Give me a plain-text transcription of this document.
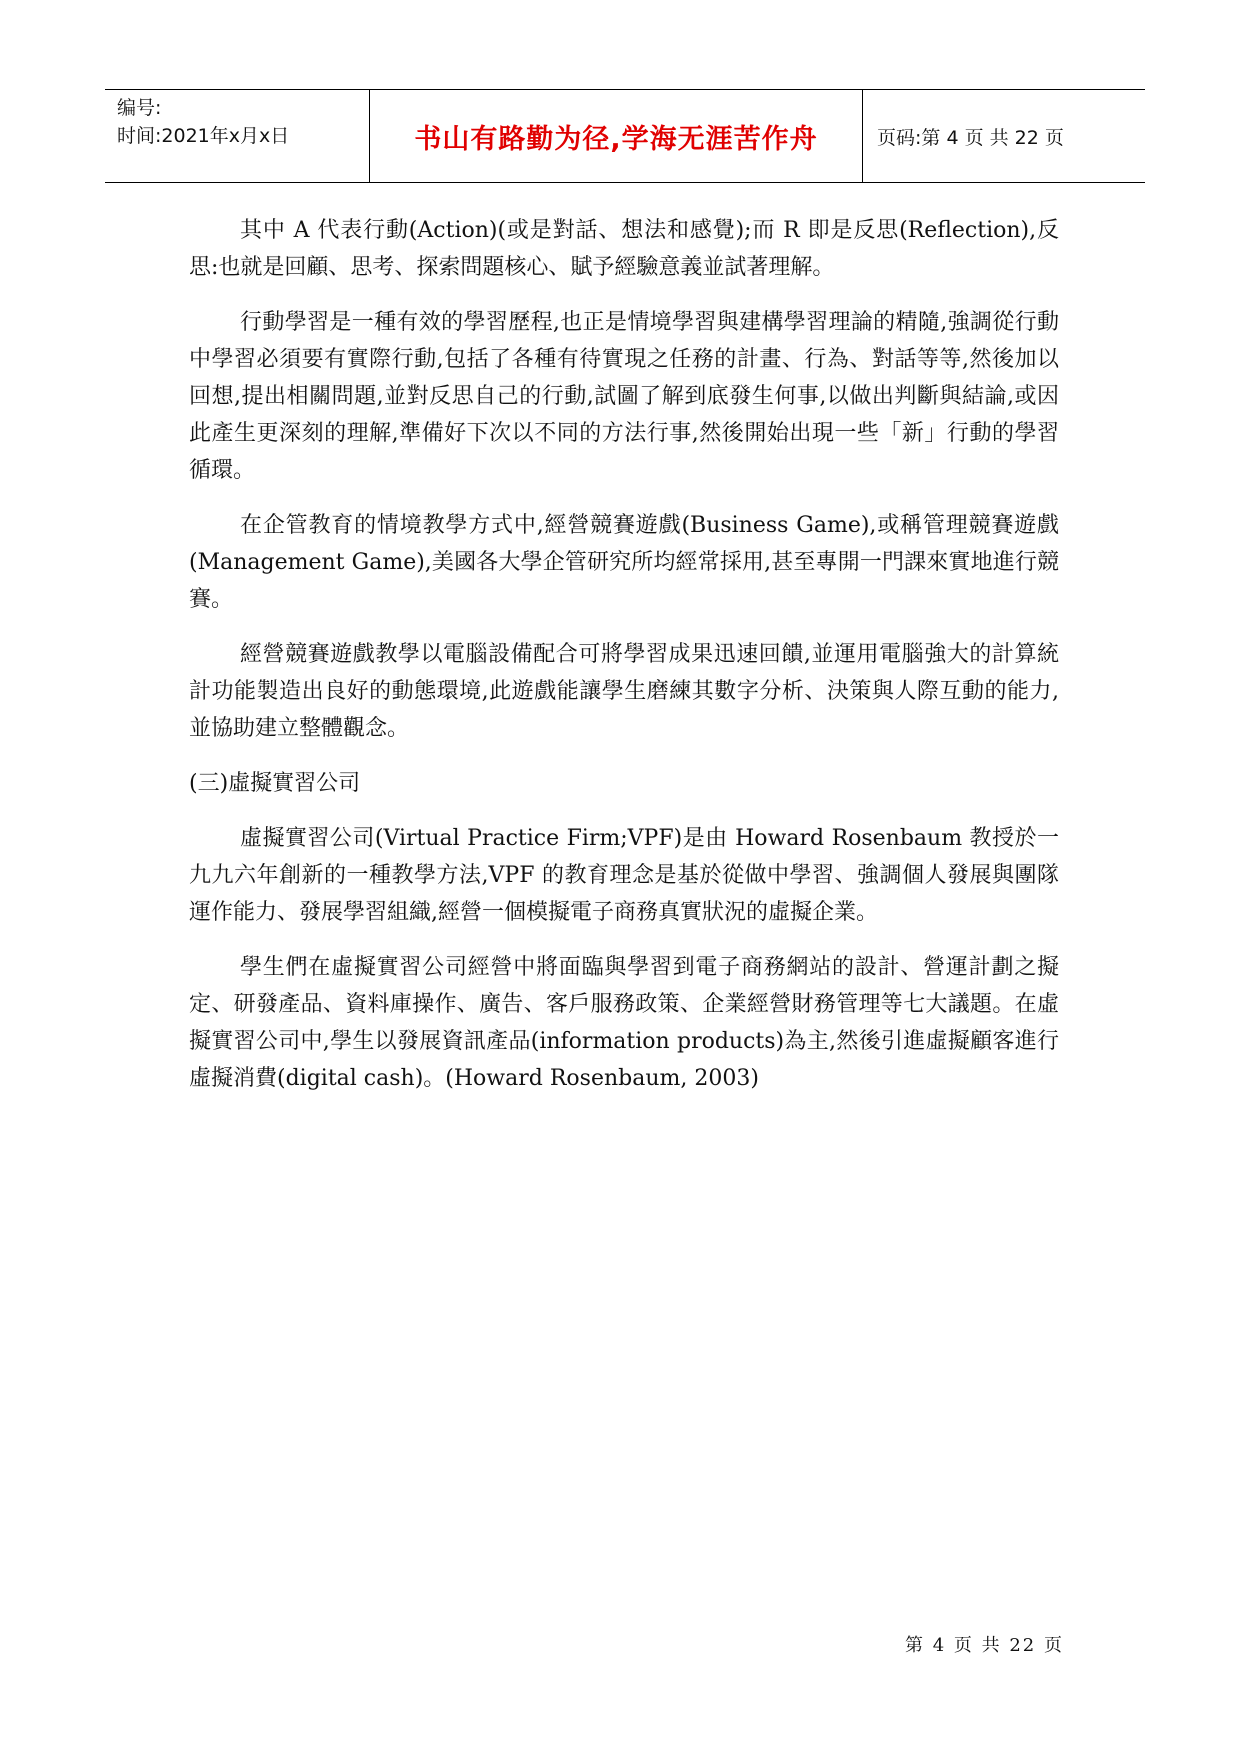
编号:
时间:2021年x月x日	书山有路勤为径,学海无涯苦作舟	页码:第 4 页 共 22 页

其中 A 代表行動(Action)(或是對話、想法和感覺);而 R 即是反思(Reflection),反思:也就是回顧、思考、探索問題核心、賦予經驗意義並試著理解。

行動學習是一種有效的學習歷程,也正是情境學習與建構學習理論的精隨,強調從行動中學習必須要有實際行動,包括了各種有待實現之任務的計畫、行為、對話等等,然後加以回想,提出相關問題,並對反思自己的行動,試圖了解到底發生何事,以做出判斷與結論,或因此產生更深刻的理解,準備好下次以不同的方法行事,然後開始出現一些「新」行動的學習循環。

在企管教育的情境教學方式中,經營競賽遊戲(Business Game),或稱管理競賽遊戲(Management Game),美國各大學企管研究所均經常採用,甚至專開一門課來實地進行競賽。

經營競賽遊戲教學以電腦設備配合可將學習成果迅速回饋,並運用電腦強大的計算統計功能製造出良好的動態環境,此遊戲能讓學生磨練其數字分析、決策與人際互動的能力,並協助建立整體觀念。

(三)虛擬實習公司

虛擬實習公司(Virtual Practice Firm;VPF)是由 Howard Rosenbaum 教授於一九九六年創新的一種教學方法,VPF 的教育理念是基於從做中學習、強調個人發展與團隊運作能力、發展學習組織,經營一個模擬電子商務真實狀況的虛擬企業。

學生們在虛擬實習公司經營中將面臨與學習到電子商務網站的設計、營運計劃之擬定、研發產品、資料庫操作、廣告、客戶服務政策、企業經營財務管理等七大議題。在虛擬實習公司中,學生以發展資訊產品(information products)為主,然後引進虛擬顧客進行虛擬消費(digital cash)。(Howard Rosenbaum, 2003)

第 4 页 共 22 页
